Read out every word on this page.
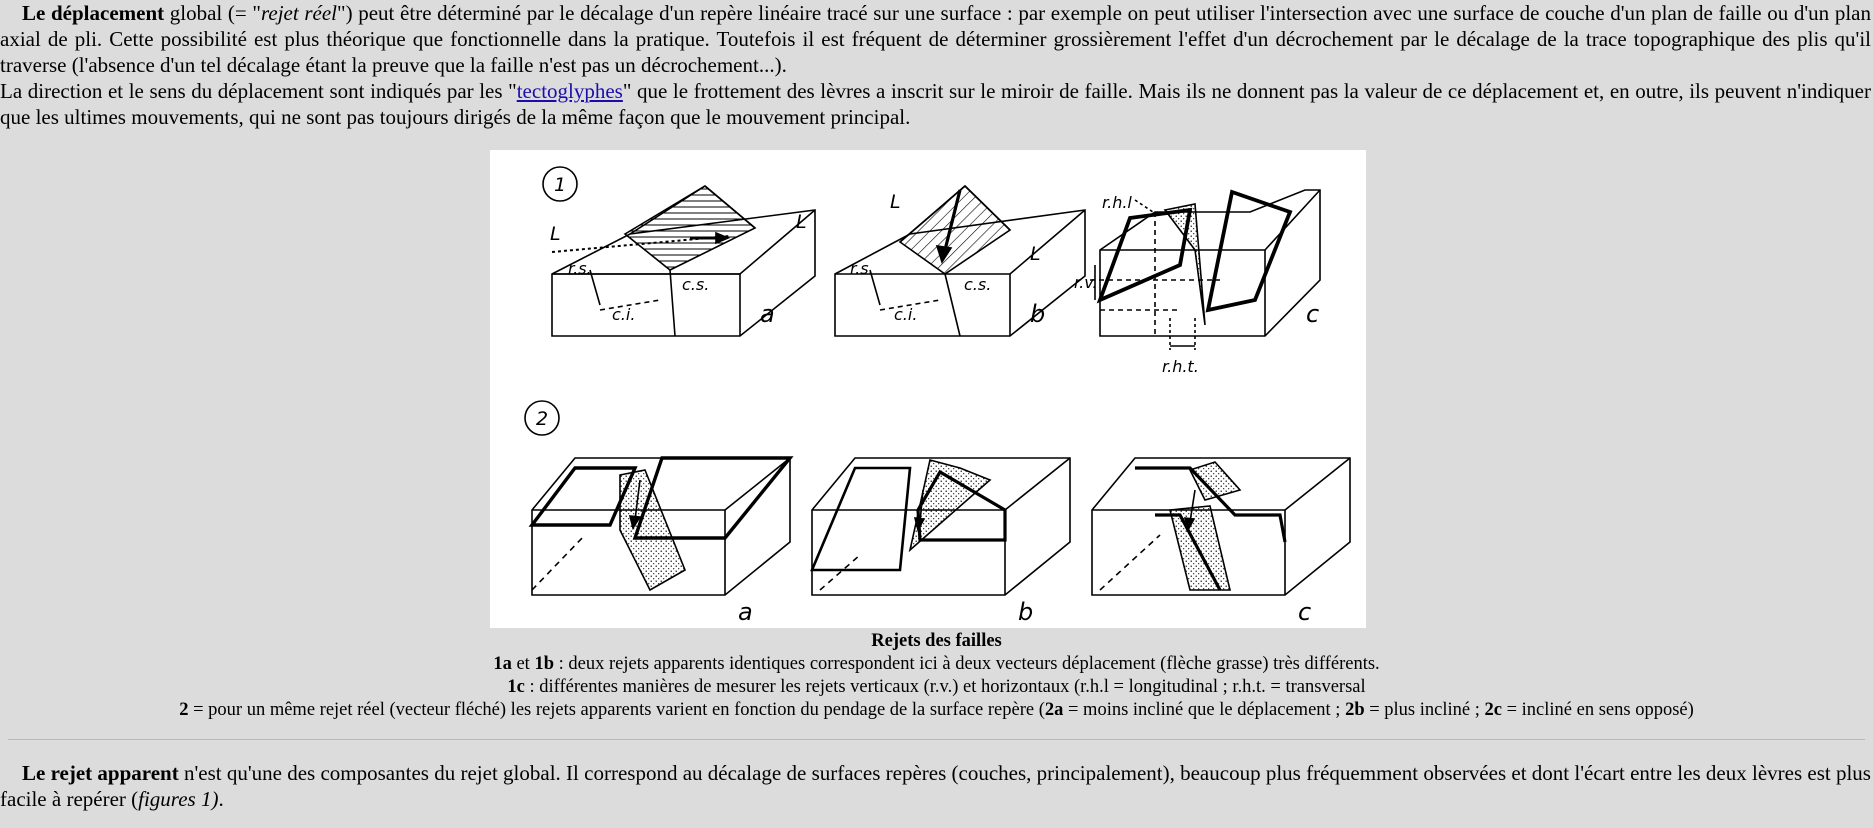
Le déplacement global (= "rejet réel") peut être déterminé par le décalage d'un repère linéaire tracé sur une surface : par exemple on peut utiliser l'intersection avec une surface de couche d'un plan de faille ou d'un plan axial de pli. Cette possibilité est plus théorique que fonctionnelle dans la pratique. Toutefois il est fréquent de déterminer grossièrement l'effet d'un décrochement par le décalage de la trace topographique des plis qu'il traverse (l'absence d'un tel décalage étant la preuve que la faille n'est pas un décrochement...).

La direction et le sens du déplacement sont indiqués par les "tectoglyphes" que le frottement des lèvres a inscrit sur le miroir de faille. Mais ils ne donnent pas la valeur de ce déplacement et, en outre, ils peuvent n'indiquer que les ultimes mouvements, qui ne sont pas toujours dirigés de la même façon que le mouvement principal.

1
2
L
L
r.s.
c.i.
c.s.
a
L
L
r.s.
c.i.
c.s.
b
r.h.l
r.v.
r.h.t.
c
a	b	c
Rejets des failles
1a et 1b : deux rejets apparents identiques correspondent ici à deux vecteurs déplacement (flèche grasse) très différents.
1c : différentes manières de mesurer les rejets verticaux (r.v.) et horizontaux (r.h.l = longitudinal ; r.h.t. = transversal
2 = pour un même rejet réel (vecteur fléché) les rejets apparents varient en fonction du pendage de la surface repère (2a = moins incliné que le déplacement ; 2b = plus incliné ; 2c = incliné en sens opposé)

Le rejet apparent n'est qu'une des composantes du rejet global. Il correspond au décalage de surfaces repères (couches, principalement), beaucoup plus fréquemment observées et dont l'écart entre les deux lèvres est plus facile à repérer (figures 1).
